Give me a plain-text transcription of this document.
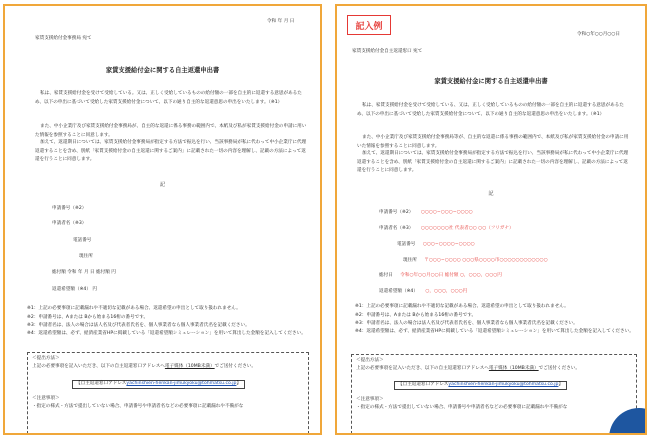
令和 年 月 日
家賃支援給付金事務局 宛て
家賃支援給付金に関する自主返還申出書
私は、家賃支援給付金を受けて受給している。又は、正しく受給しているものの給付額の一部を自主的に返還する意思があるため、以下の申出に基づいて受給した家賃支援給付金について、以下の通り自主的な返還意思の申出をいたします。（※1）
また、中小企業庁及び家賃支援給付金事務局が、自主的な返還に係る事務の範囲内で、本紙及び私が家賃支援給付金の申請に用いた情報を参照することに同意します。
加えて、返還期日については、家賃支援給付金事務局が指定する方法で振込を行い、当該事務局が私に代わって中小企業庁に代理返還することを含め、別紙「家賃支援給付金の自主返還に関するご案内」に記載された一切の内容を理解し、記載の方法によって返還を行うことに同意します。
記
申請番号（※2）
申請者名（※3）
電話番号
現住所
総付額 令和 年 月 日 総付額 円
返還希望額（※4） 円
※1：上記の必要事項に記載漏れや不適切な記載がある場合、返還希望の申出として取り扱われません。
※2：申請番号は、Aまたは Bから始まる16桁の番号です。
※3：申請者名は、法人の場合は法人名及び代表者氏名を、個人事業者なら個人事業者氏名を記載ください。
※4：返還希望額は、必ず、経済産業省HPに掲載している「返還希望額シミュレーション」を用いて算出した金額を記入してください。
＜提出方法＞
上記の必要事項を記入いただき、以下の自主返還窓口アドレスへ電子媒体（10MB未満）でご送付ください。
【自主返還窓口アドレスyachinshien-henkan-jimukyoku@tohmatsu.co.jp】
＜注意事項＞
・指定の様式・方法で提出していない場合、申請番号や申請者名などの必要事項に記載漏れや不備がな
記入例
令和○年○○月○○日
家賃支援給付金自主返還窓口 宛て
家賃支援給付金に関する自主返還申出書
私は、家賃支援給付金を受けて受給している、又は、正しく受給しているものの給付額の一部を自主的に返還する意思があるため、以下の申出に基づいて受給した家賃支援給付金について、以下の通り自主的な返還意思の申出をいたします。（※1）
また、中小企業庁及び家賃支援給付金事務局等が、自主的な返還に係る事務の範囲内で、本紙及び私が家賃支援給付金の申請に用いた情報を参照することに同意します。
加えて、返還期日については、家賃支援給付金事務局が指定する方法で振込を行い、当該事務局が私に代わって中小企業庁に代理返還することを含め、別紙「家賃支援給付金の自主返還に関するご案内」に記載された一切の内容を理解し、記載の方法によって返還を行うことに同意します。
記
申請番号（※2） ○○○○−○○○−○○○○
申請者名（※3） ○○○○○○○社 代表者○○ ○○（フリガナ）
電話番号 ○○○−○○○○−○○○○
現住所 〒○○○−○○○○ ○○○県○○○○市○○○○○○○○○○○○
総付日 令和○年○○月○○日 総付額 ○，○○○，○○○円
返還希望額（※4） ○，○○○，○○○円
※1：上記の必要事項に記載漏れや不適切な記載がある場合、返還希望の申出として取り扱われません。
※2：申請番号は、Aまたは Bから始まる16桁の番号です。
※3：申請者名は、法人の場合は法人名及び代表者氏名を、個人事業者なら個人事業者氏名を記載ください。
※4：返還希望額は、必ず、経済産業省HPに掲載している「返還希望額シミュレーション」を用いて算出した金額を記入してください。
＜提出方法＞
上記の必要事項を記入いただき、以下の自主返還窓口アドレスへ電子媒体（10MB未満）でご送付ください。
【自主返還窓口アドレスyachinshien-henkan-jimukyoku@tohmatsu.co.jp】
＜注意事項＞
・指定の様式・方法で提出していない場合、申請番号や申請者名などの必要事項に記載漏れや不備がな
